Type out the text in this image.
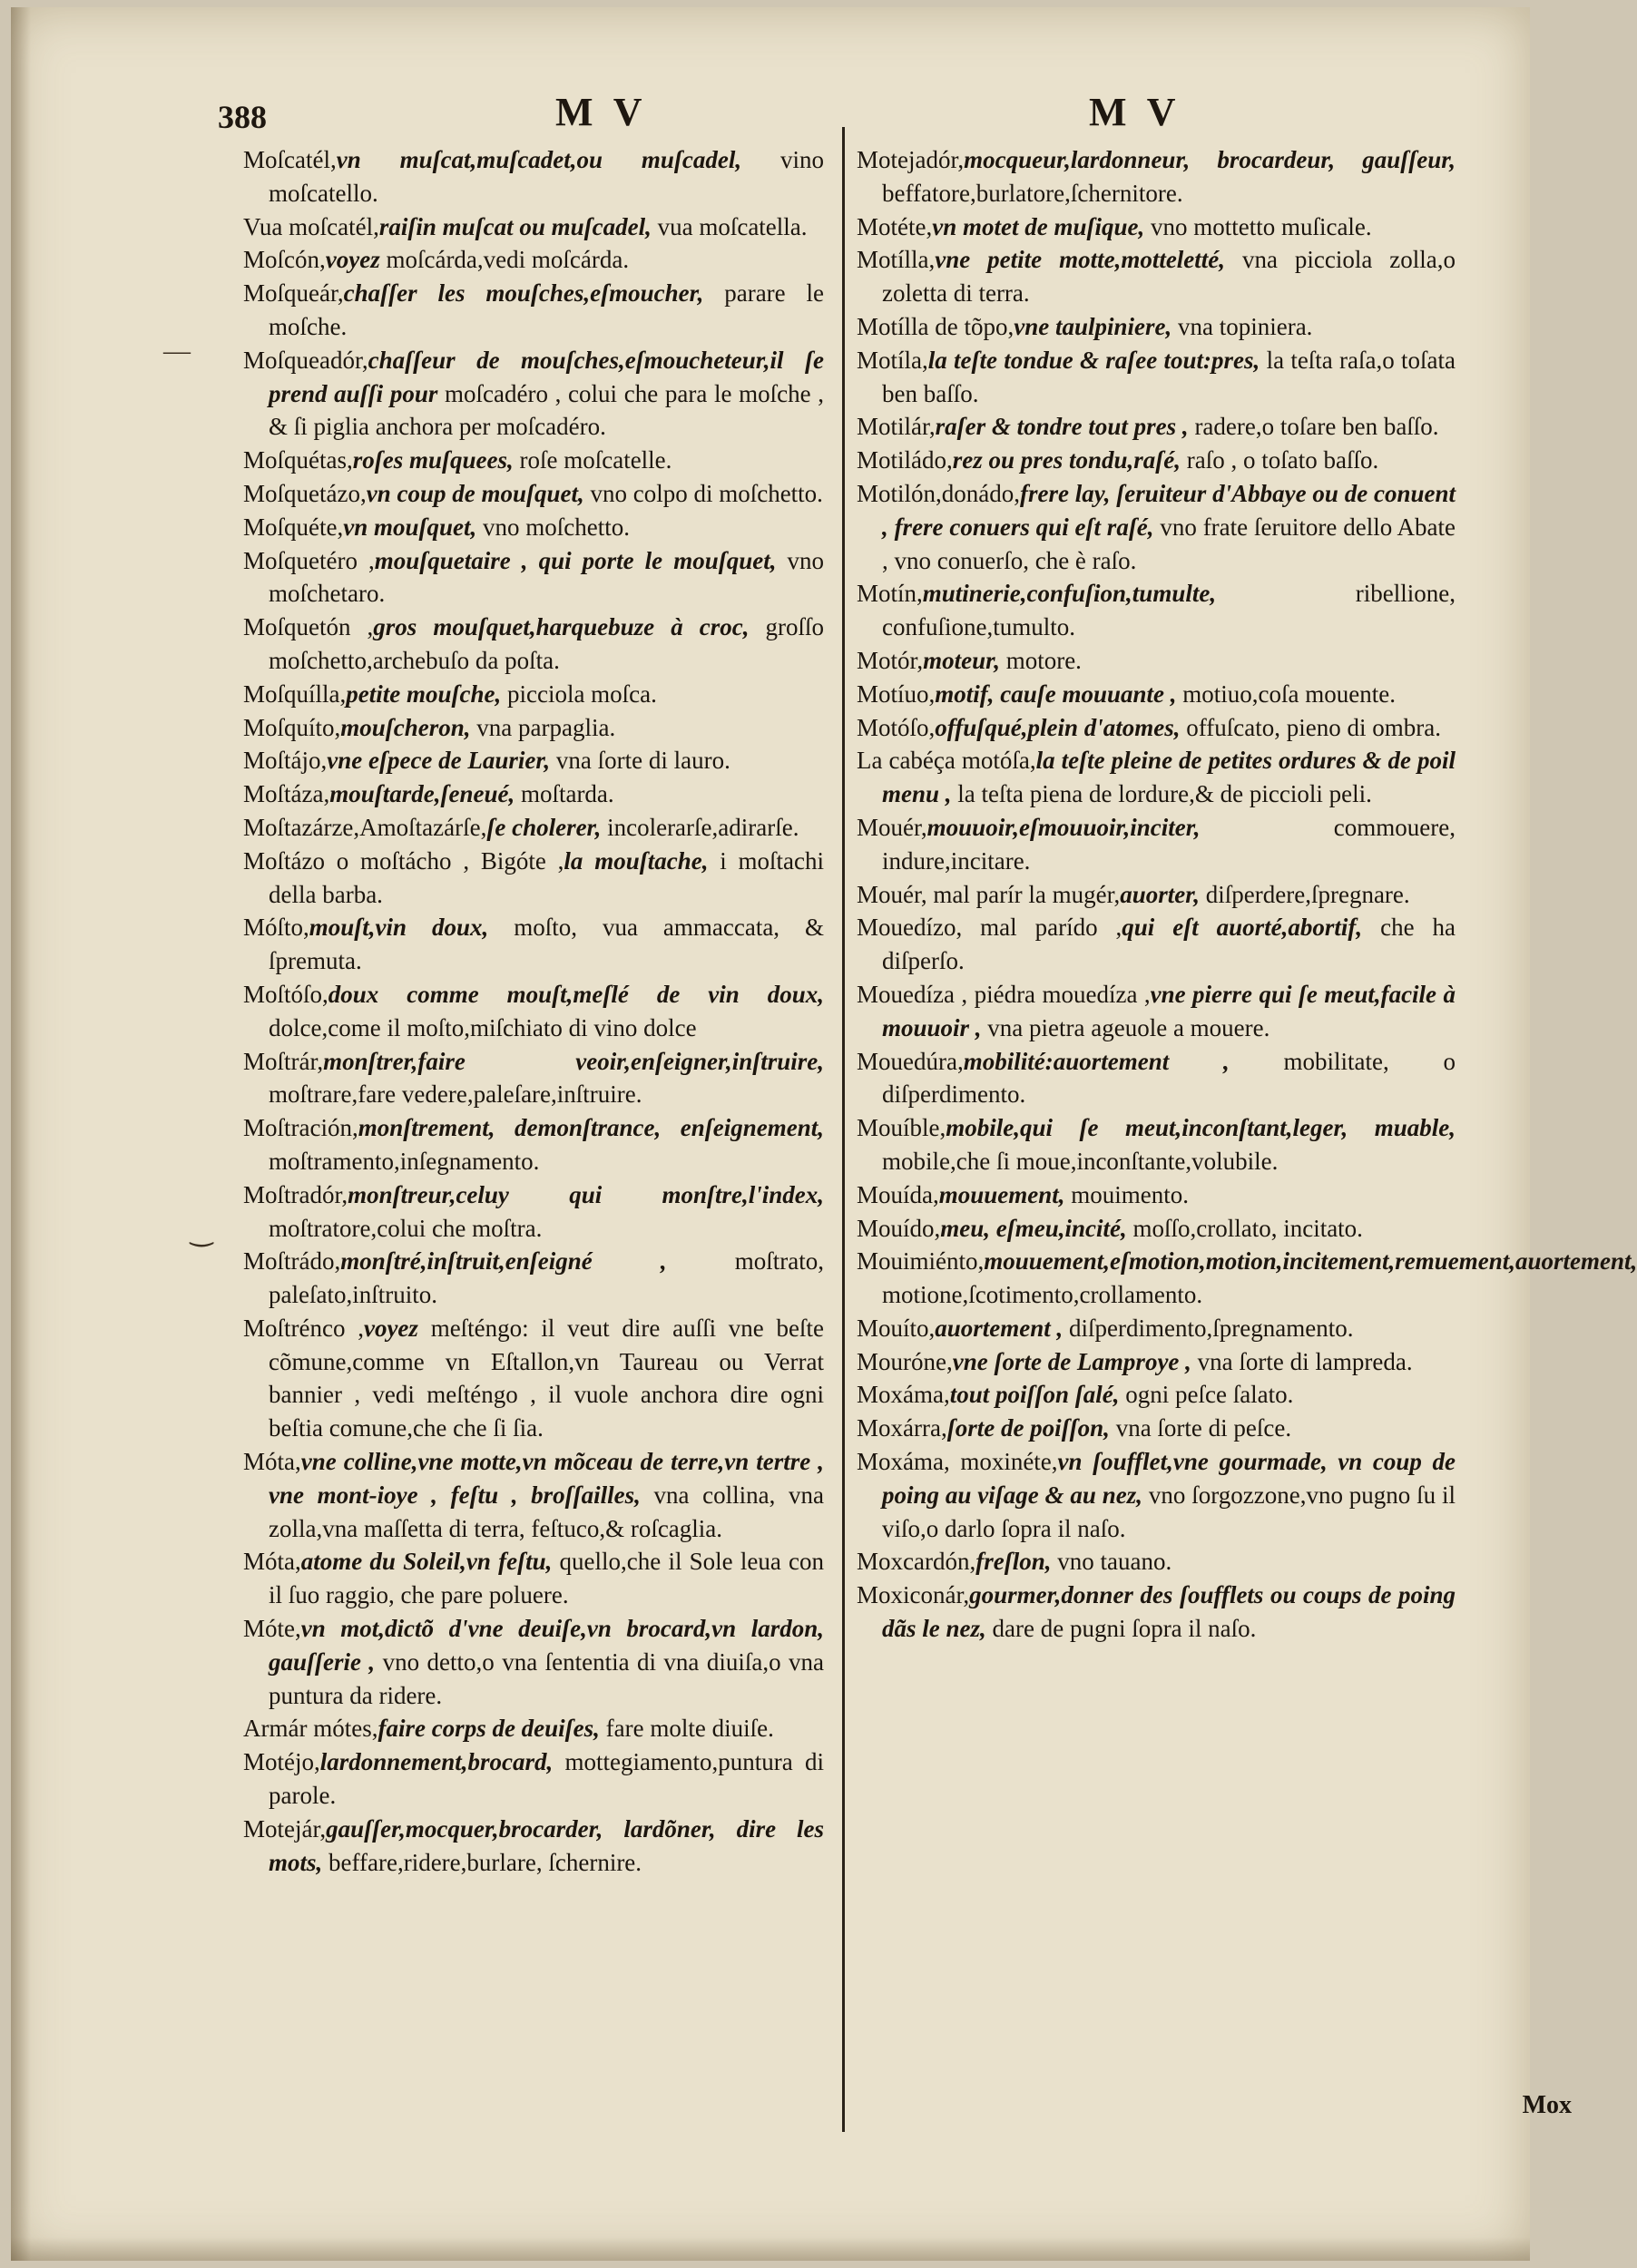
388	M V	M V

Moſcatél,vn muſcat,muſcadet,ou muſcadel, vino moſcatello.

Vua moſcatél,raiſin muſcat ou muſcadel, vua moſcatella.

Moſcón,voyez moſcárda,vedi moſcárda.

Moſqueár,chaſſer les mouſches,eſmoucher, parare le moſche.

Moſqueadór,chaſſeur de mouſches,eſmoucheteur,il ſe prend auſſi pour moſcadéro , colui che para le moſche , & ſi piglia anchora per moſcadéro.

Moſquétas,roſes muſquees, roſe moſcatelle.

Moſquetázo,vn coup de mouſquet, vno colpo di moſchetto.

Moſquéte,vn mouſquet, vno moſchetto.

Moſquetéro ,mouſquetaire , qui porte le mouſquet, vno moſchetaro.

Moſquetón ,gros mouſquet,harquebuze à croc, groſſo moſchetto,archebuſo da poſta.

Moſquílla,petite mouſche, picciola moſca.

Moſquíto,mouſcheron, vna parpaglia.

Moſtájo,vne eſpece de Laurier, vna ſorte di lauro.

Moſtáza,mouſtarde,ſeneué, moſtarda.

Moſtazárze,Amoſtazárſe,ſe cholerer, incolerarſe,adirarſe.

Moſtázo o moſtácho , Bigóte ,la mouſtache, i moſtachi della barba.

Móſto,mouſt,vin doux, moſto, vua ammaccata, & ſpremuta.

Moſtóſo,doux comme mouſt,meſlé de vin doux, dolce,come il moſto,miſchiato di vino dolce

Moſtrár,monſtrer,faire veoir,enſeigner,inſtruire, moſtrare,fare vedere,paleſare,inſtruire.

Moſtración,monſtrement, demonſtrance, enſeignement, moſtramento,inſegnamento.

Moſtradór,monſtreur,celuy qui monſtre,l'index, moſtratore,colui che moſtra.

Moſtrádo,monſtré,inſtruit,enſeigné ,	moſtrato, paleſato,inſtruito.

Moſtrénco ,voyez meſténgo: il veut dire auſſi vne beſte cõmune,comme vn Eſtallon,vn Taureau ou Verrat bannier , vedi meſténgo , il vuole anchora dire ogni beſtia comune,che che ſi ſia.

Móta,vne colline,vne motte,vn mõceau de terre,vn tertre , vne mont-ioye , feſtu , broſſailles, vna collina, vna zolla,vna maſſetta di terra, feſtuco,& roſcaglia.

Móta,atome du Soleil,vn feſtu, quello,che il Sole leua con il ſuo raggio, che pare poluere.

Móte,vn mot,dictõ d'vne deuiſe,vn brocard,vn lardon, gauſſerie , vno detto,o vna ſententia di vna diuiſa,o vna puntura da ridere.

Armár mótes,faire corps de deuiſes, fare molte diuiſe.

Motéjo,lardonnement,brocard, mottegiamento,puntura di parole.

Motejár,gauſſer,mocquer,brocarder, lardõner, dire les mots, beffare,ridere,burlare, ſchernire.

Motejadór,mocqueur,lardonneur, brocardeur, gauſſeur, beffatore,burlatore,ſchernitore.

Motéte,vn motet de muſique, vno mottetto muſicale.

Motílla,vne petite motte,motteletté, vna picciola zolla,o zoletta di terra.

Motílla de tõpo,vne taulpiniere, vna topiniera.

Motíla,la teſte tondue & raſee tout:pres, la teſta raſa,o toſata ben baſſo.

Motilár,raſer & tondre tout pres , radere,o toſare ben baſſo.

Motiládo,rez ou pres tondu,raſé, raſo , o toſato baſſo.

Motilón,donádo,frere lay, ſeruiteur d'Abbaye ou de conuent , frere conuers qui eſt raſé, vno frate ſeruitore dello Abate , vno conuerſo, che è raſo.

Motín,mutinerie,confuſion,tumulte,	ribellione, confuſione,tumulto.

Motór,moteur, motore.

Motíuo,motif, cauſe mouuante , motiuo,coſa mouente.

Motóſo,offuſqué,plein d'atomes, offuſcato, pieno di ombra.

La cabéça motóſa,la teſte pleine de petites ordures & de poil menu , la teſta piena de lordure,& de piccioli peli.

Mouér,mouuoir,eſmouuoir,inciter,	commouere, indure,incitare.

Mouér, mal parír la mugér,auorter, diſperdere,ſpregnare.

Mouedízo, mal parído ,qui eſt auorté,abortif, che ha diſperſo.

Mouedíza , piédra mouedíza ,vne pierre qui ſe meut,facile à mouuoir , vna pietra ageuole a mouere.

Mouedúra,mobilité:auortement , mobilitate, o diſperdimento.

Mouíble,mobile,qui ſe meut,inconſtant,leger, muable, mobile,che ſi moue,inconſtante,volubile.

Mouída,mouuement, mouimento.

Mouído,meu, eſmeu,incité, moſſo,crollato, incitato.

Mouimiénto,mouuement,eſmotion,motion,incitement,remuement,auortement, motione,ſcotimento,crollamento.

Mouíto,auortement , diſperdimento,ſpregnamento.

Mouróne,vne ſorte de Lamproye , vna ſorte di lampreda.

Moxáma,tout poiſſon ſalé, ogni peſce ſalato.

Moxárra,ſorte de poiſſon, vna ſorte di peſce.

Moxáma, moxinéte,vn ſoufflet,vne gourmade, vn coup de poing au viſage & au nez, vno ſorgozzone,vno pugno ſu il viſo,o darlo ſopra il naſo.

Moxcardón,freſlon, vno tauano.

Moxiconár,gourmer,donner des ſoufflets ou coups de poing dãs le nez, dare de pugni ſopra il naſo.

Mox
—
‿
